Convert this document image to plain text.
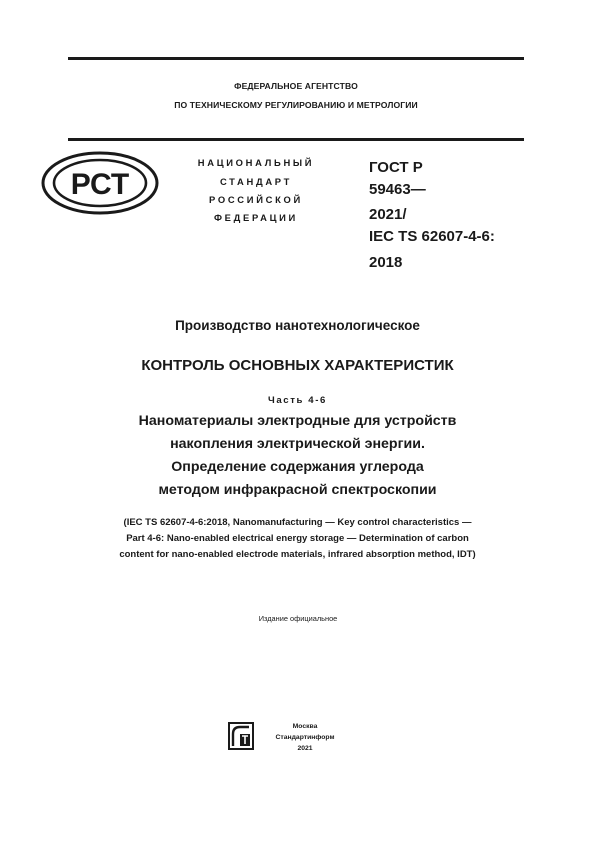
ФЕДЕРАЛЬНОЕ АГЕНТСТВО
ПО ТЕХНИЧЕСКОМУ РЕГУЛИРОВАНИЮ И МЕТРОЛОГИИ
РСТ
НАЦИОНАЛЬНЫЙ
СТАНДАРТ
РОССИЙСКОЙ
ФЕДЕРАЦИИ
ГОСТ Р
59463—
2021/
IEC TS 62607-4-6:
2018
Производство нанотехнологическое
КОНТРОЛЬ ОСНОВНЫХ ХАРАКТЕРИСТИК
Часть 4-6
Наноматериалы электродные для устройств
накопления электрической энергии.
Определение содержания углерода
методом инфракрасной спектроскопии
(IEC TS 62607-4-6:2018, Nanomanufacturing — Key control characteristics —
Part 4-6: Nano-enabled electrical energy storage — Determination of carbon
content for nano-enabled electrode materials, infrared absorption method, IDT)
Издание официальное
Москва
Стандартинформ
2021
